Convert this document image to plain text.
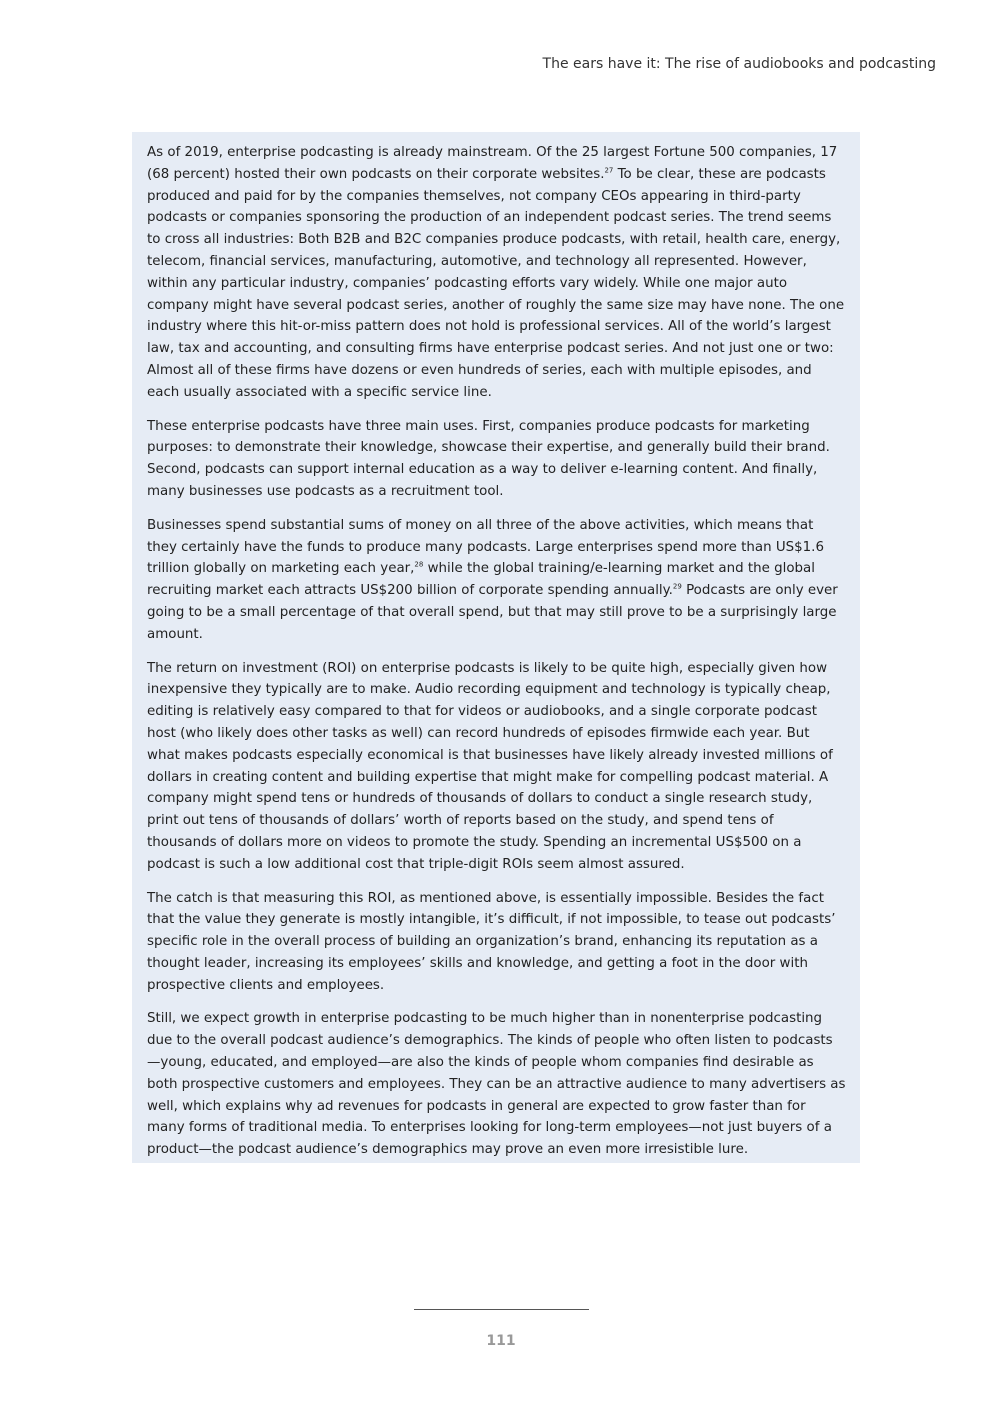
The ears have it: The rise of audiobooks and podcasting

As of 2019, enterprise podcasting is already mainstream. Of the 25 largest Fortune 500 companies, 17 (68 percent) hosted their own podcasts on their corporate websites.$^{27}$ To be clear, these are podcasts produced and paid for by the companies themselves, not company CEOs appearing in third-party podcasts or companies sponsoring the production of an independent podcast series. The trend seems to cross all industries: Both B2B and B2C companies produce podcasts, with retail, health care, energy, telecom, financial services, manufacturing, automotive, and technology all represented. However, within any particular industry, companies’ podcasting efforts vary widely. While one major auto company might have several podcast series, another of roughly the same size may have none. The one industry where this hit-or-miss pattern does not hold is professional services. All of the world’s largest law, tax and accounting, and consulting firms have enterprise podcast series. And not just one or two: Almost all of these firms have dozens or even hundreds of series, each with multiple episodes, and each usually associated with a specific service line.

These enterprise podcasts have three main uses. First, companies produce podcasts for marketing purposes: to demonstrate their knowledge, showcase their expertise, and generally build their brand. Second, podcasts can support internal education as a way to deliver e-learning content. And finally, many businesses use podcasts as a recruitment tool.

Businesses spend substantial sums of money on all three of the above activities, which means that they certainly have the funds to produce many podcasts. Large enterprises spend more than US$1.6 trillion globally on marketing each year,$^{28}$ while the global training/e-learning market and the global recruiting market each attracts US$200 billion of corporate spending annually.$^{29}$ Podcasts are only ever going to be a small percentage of that overall spend, but that may still prove to be a surprisingly large amount.

The return on investment (ROI) on enterprise podcasts is likely to be quite high, especially given how inexpensive they typically are to make. Audio recording equipment and technology is typically cheap, editing is relatively easy compared to that for videos or audiobooks, and a single corporate podcast host (who likely does other tasks as well) can record hundreds of episodes firmwide each year. But what makes podcasts especially economical is that businesses have likely already invested millions of dollars in creating content and building expertise that might make for compelling podcast material. A company might spend tens or hundreds of thousands of dollars to conduct a single research study, print out tens of thousands of dollars’ worth of reports based on the study, and spend tens of thousands of dollars more on videos to promote the study. Spending an incremental US$500 on a podcast is such a low additional cost that triple-digit ROIs seem almost assured.

The catch is that measuring this ROI, as mentioned above, is essentially impossible. Besides the fact that the value they generate is mostly intangible, it’s difficult, if not impossible, to tease out podcasts’ specific role in the overall process of building an organization’s brand, enhancing its reputation as a thought leader, increasing its employees’ skills and knowledge, and getting a foot in the door with prospective clients and employees.

Still, we expect growth in enterprise podcasting to be much higher than in nonenterprise podcasting due to the overall podcast audience’s demographics. The kinds of people who often listen to podcasts—young, educated, and employed—are also the kinds of people whom companies find desirable as both prospective customers and employees. They can be an attractive audience to many advertisers as well, which explains why ad revenues for podcasts in general are expected to grow faster than for many forms of traditional media. To enterprises looking for long-term employees—not just buyers of a product—the podcast audience’s demographics may prove an even more irresistible lure.

111
